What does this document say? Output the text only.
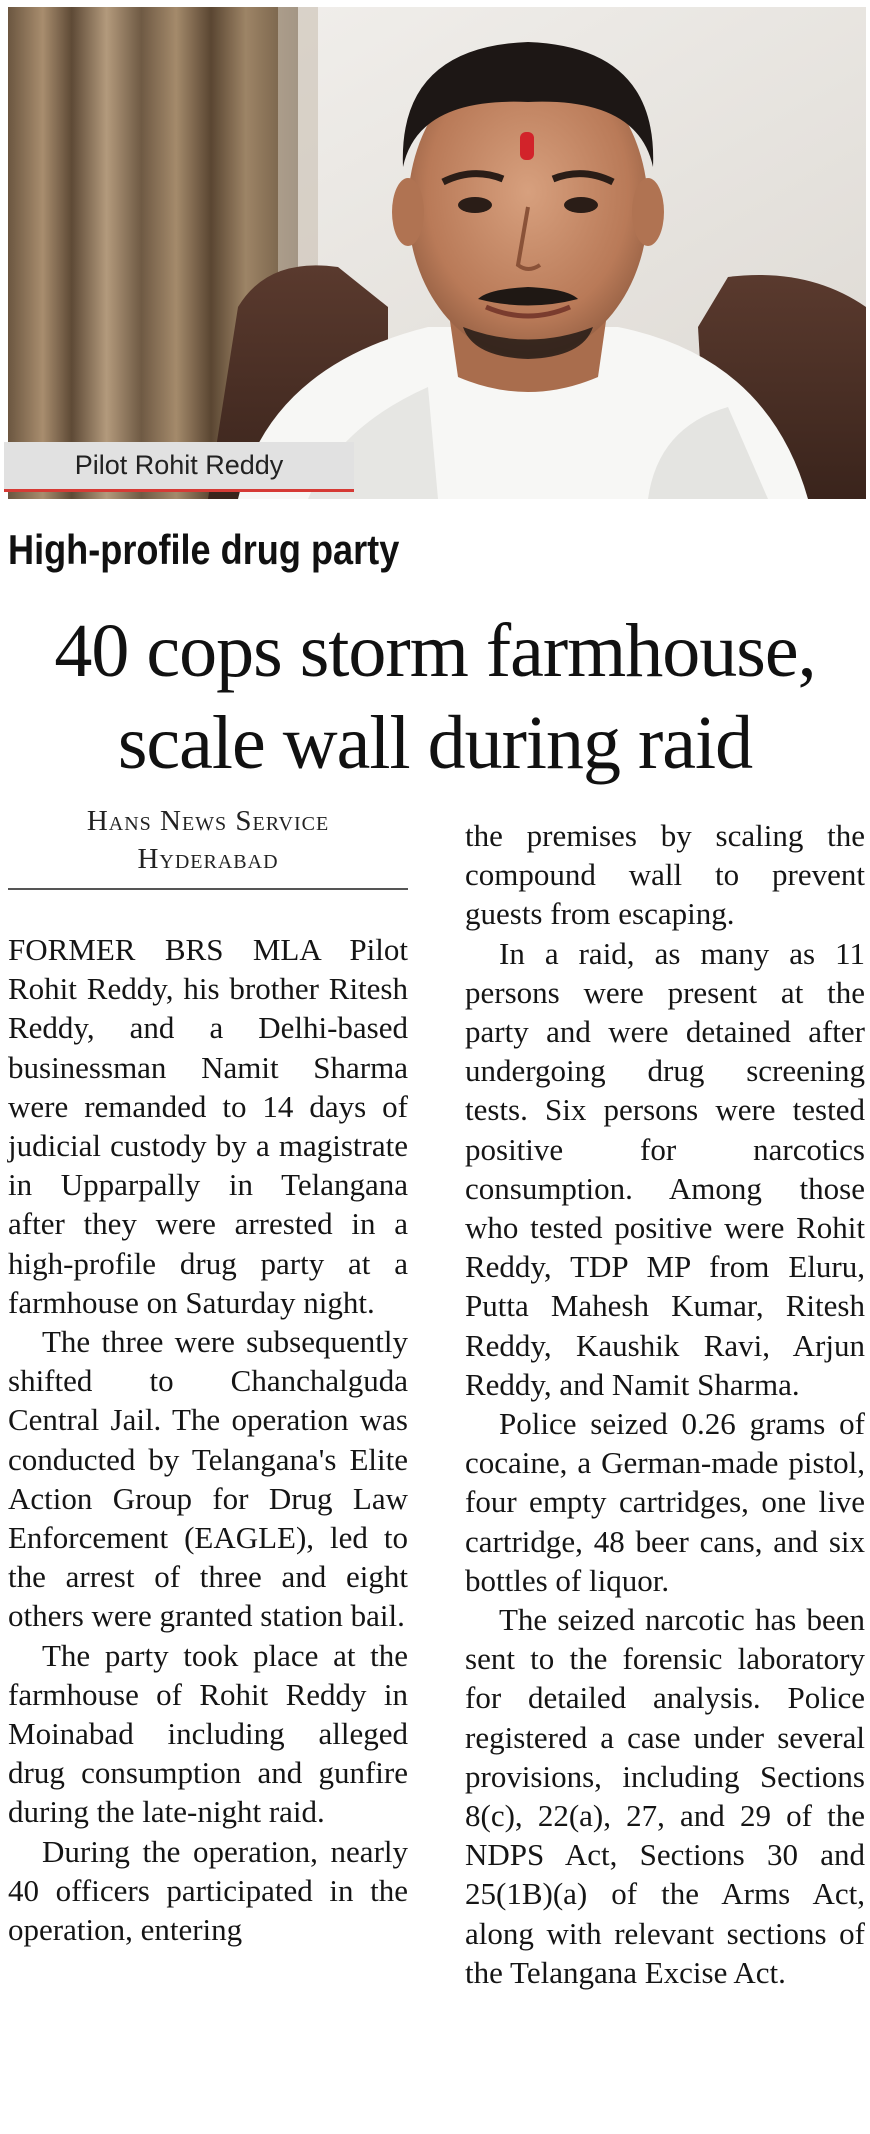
Pilot Rohit Reddy
High-profile drug party
40 cops storm farmhouse,
scale wall during raid
Hans News Service
Hyderabad

FORMER BRS MLA Pilot Rohit Reddy, his brother Ritesh Reddy, and a Delhi-based businessman Namit Sharma were remanded to 14 days of judicial custody by a magistrate in Upparpally in Telangana after they were arrested in a high-profile drug party at a farmhouse on Saturday night.

The three were subsequently shifted to Chanchalguda Central Jail. The operation was conducted by Telangana's Elite Action Group for Drug Law Enforcement (EAGLE), led to the arrest of three and eight others were granted station bail.

The party took place at the farmhouse of Rohit Reddy in Moinabad including alleged drug consumption and gunfire during the late-night raid.

During the operation, nearly 40 officers participated in the operation, entering

the premises by scaling the compound wall to prevent guests from escaping.

In a raid, as many as 11 persons were present at the party and were detained after undergoing drug screening tests. Six persons were tested positive for narcotics consumption. Among those who tested positive were Rohit Reddy, TDP MP from Eluru, Putta Mahesh Kumar, Ritesh Reddy, Kaushik Ravi, Arjun Reddy, and Namit Sharma.

Police seized 0.26 grams of cocaine, a German-made pistol, four empty cartridges, one live cartridge, 48 beer cans, and six bottles of liquor.

The seized narcotic has been sent to the forensic laboratory for detailed analysis. Police registered a case under several provisions, including Sections 8(c), 22(a), 27, and 29 of the NDPS Act, Sections 30 and 25(1B)(a) of the Arms Act, along with relevant sections of the Telangana Excise Act.
